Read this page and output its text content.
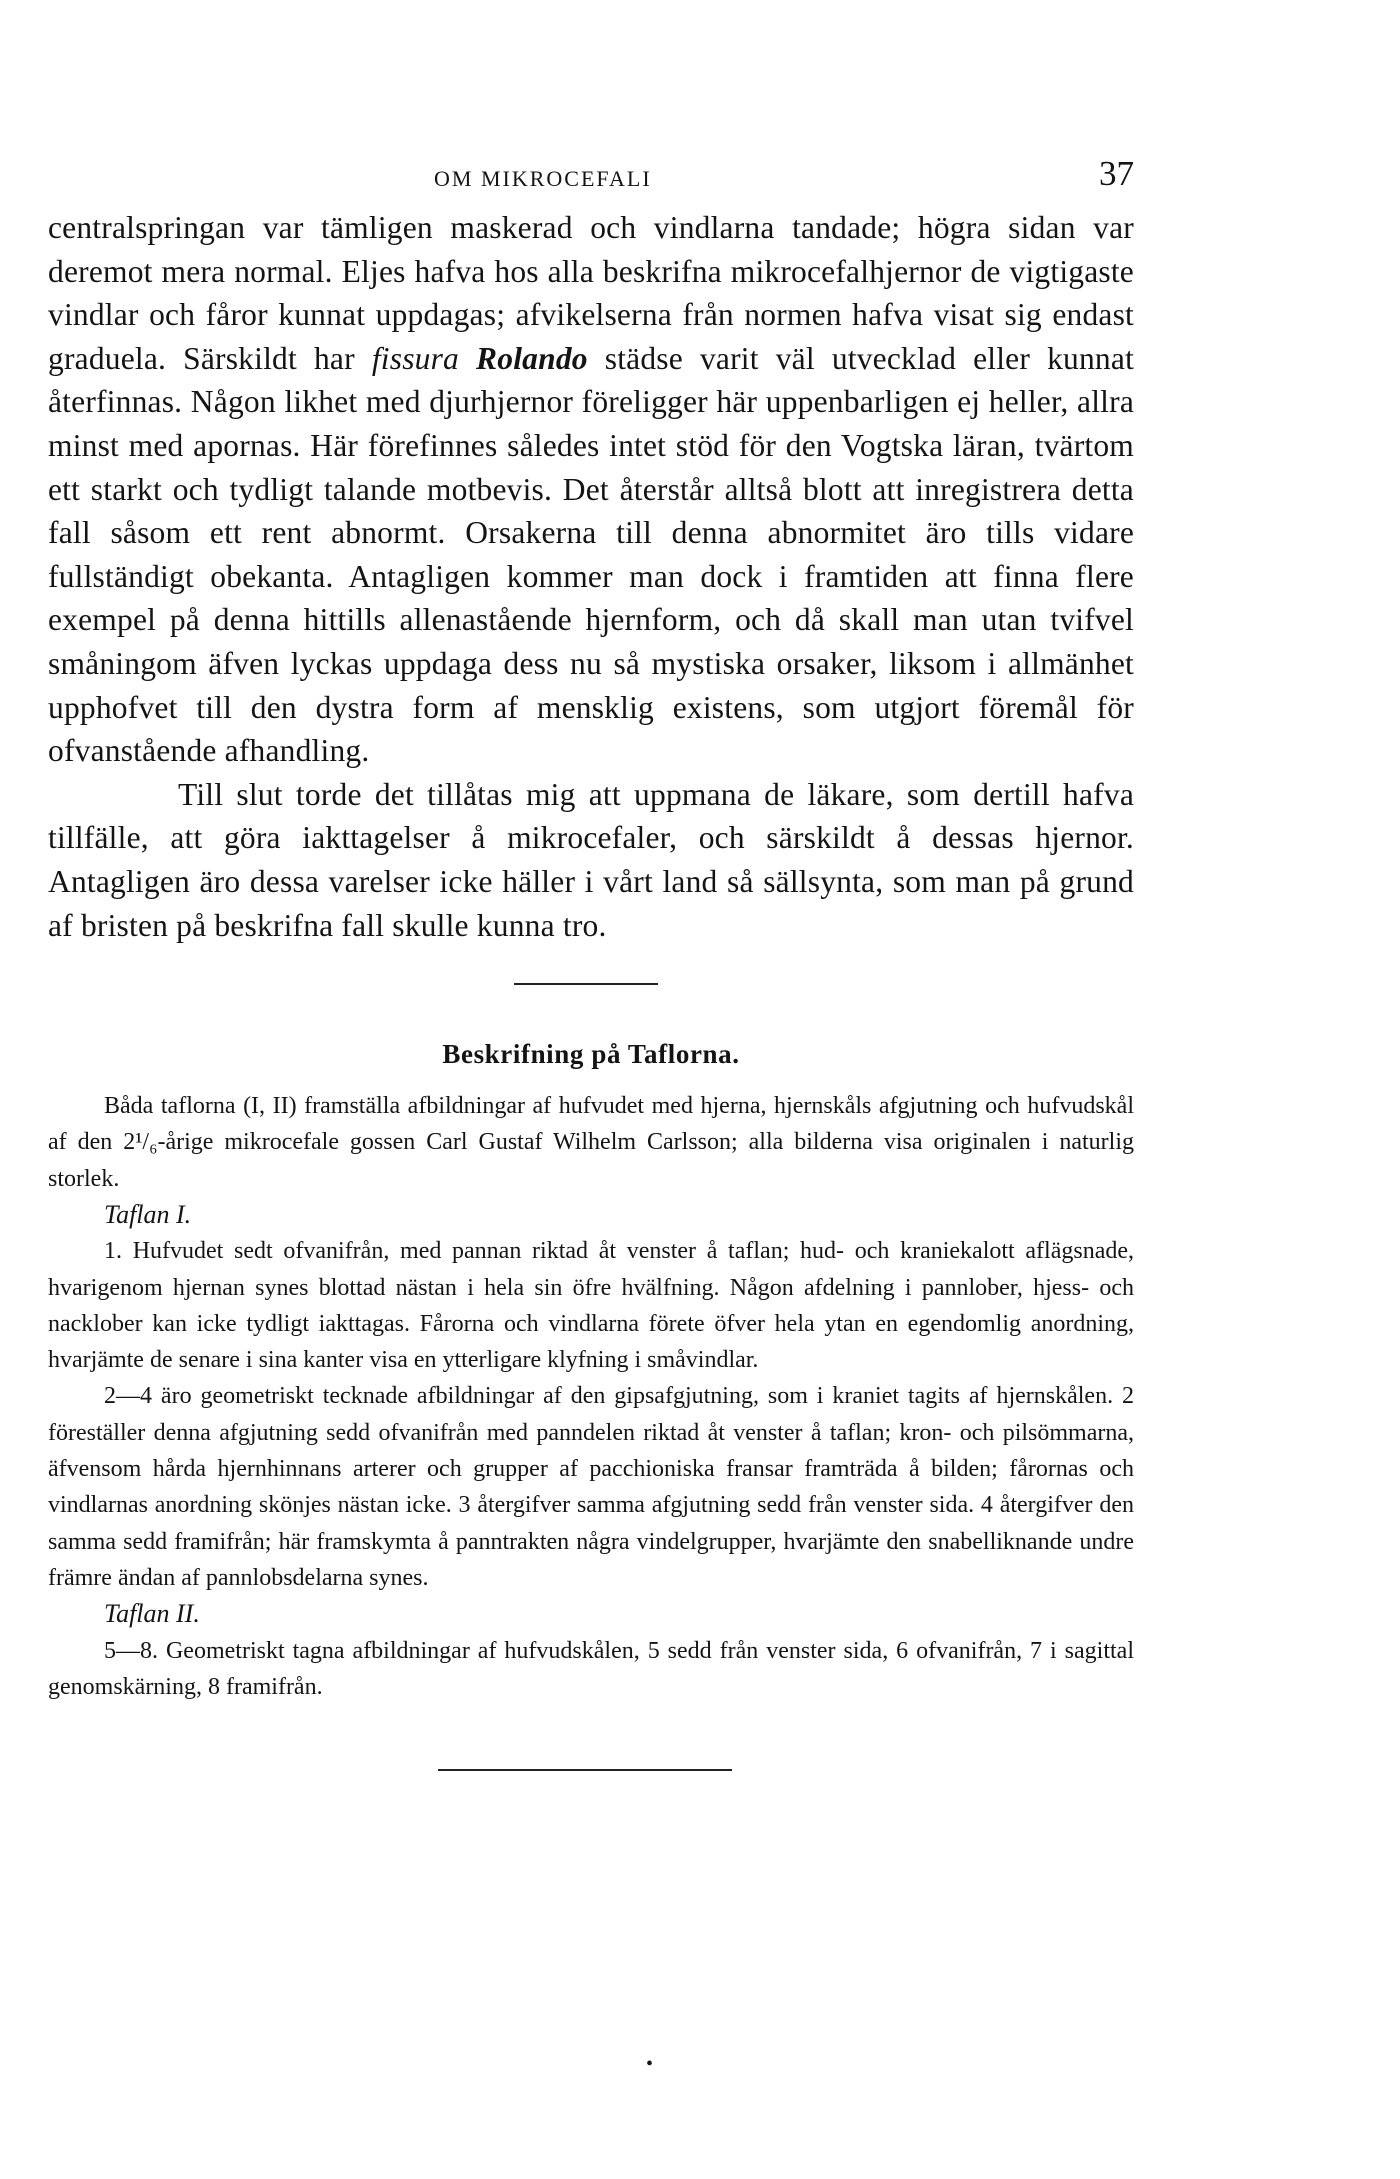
OM MIKROCEFALI	37

centralspringan var tämligen maskerad och vindlarna tandade; högra sidan var deremot mera normal. Eljes hafva hos alla beskrifna mikrocefalhjernor de vigtigaste vindlar och fåror kunnat uppdagas; afvikelserna från normen hafva visat sig endast graduela. Särskildt har fissura Rolando städse varit väl utvecklad eller kunnat återfinnas. Någon likhet med djurhjernor föreligger här uppenbarligen ej heller, allra minst med apornas. Här förefinnes således intet stöd för den Vogtska läran, tvärtom ett starkt och tydligt talande motbevis. Det återstår alltså blott att inregistrera detta fall såsom ett rent abnormt. Orsakerna till denna abnormitet äro tills vidare fullständigt obekanta. Antagligen kommer man dock i framtiden att finna flere exempel på denna hittills allenastående hjernform, och då skall man utan tvifvel småningom äfven lyckas uppdaga dess nu så mystiska orsaker, liksom i allmänhet upphofvet till den dystra form af mensklig existens, som utgjort föremål för ofvanstående afhandling.

Till slut torde det tillåtas mig att uppmana de läkare, som dertill hafva tillfälle, att göra iakttagelser å mikrocefaler, och särskildt å dessas hjernor. Antagligen äro dessa varelser icke häller i vårt land så sällsynta, som man på grund af bristen på beskrifna fall skulle kunna tro.

Beskrifning på Taflorna.

Båda taflorna (I, II) framställa afbildningar af hufvudet med hjerna, hjernskåls afgjutning och hufvudskål af den 2¹/₆-årige mikrocefale gossen Carl Gustaf Wilhelm Carlsson; alla bilderna visa originalen i naturlig storlek.

Taflan I.

1. Hufvudet sedt ofvanifrån, med pannan riktad åt venster å taflan; hud- och kraniekalott aflägsnade, hvarigenom hjernan synes blottad nästan i hela sin öfre hvälfning. Någon afdelning i pannlober, hjess- och nacklober kan icke tydligt iakttagas. Fårorna och vindlarna förete öfver hela ytan en egendomlig anordning, hvarjämte de senare i sina kanter visa en ytterligare klyfning i småvindlar.

2—4 äro geometriskt tecknade afbildningar af den gipsafgjutning, som i kraniet tagits af hjernskålen. 2 föreställer denna afgjutning sedd ofvanifrån med panndelen riktad åt venster å taflan; kron- och pilsömmarna, äfvensom hårda hjernhinnans arterer och grupper af pacchioniska fransar framträda å bilden; fårornas och vindlarnas anordning skönjes nästan icke. 3 återgifver samma afgjutning sedd från venster sida. 4 återgifver den samma sedd framifrån; här framskymta å panntrakten några vindelgrupper, hvarjämte den snabelliknande undre främre ändan af pannlobsdelarna synes.

Taflan II.

5—8. Geometriskt tagna afbildningar af hufvudskålen, 5 sedd från venster sida, 6 ofvanifrån, 7 i sagittal genomskärning, 8 framifrån.

•
